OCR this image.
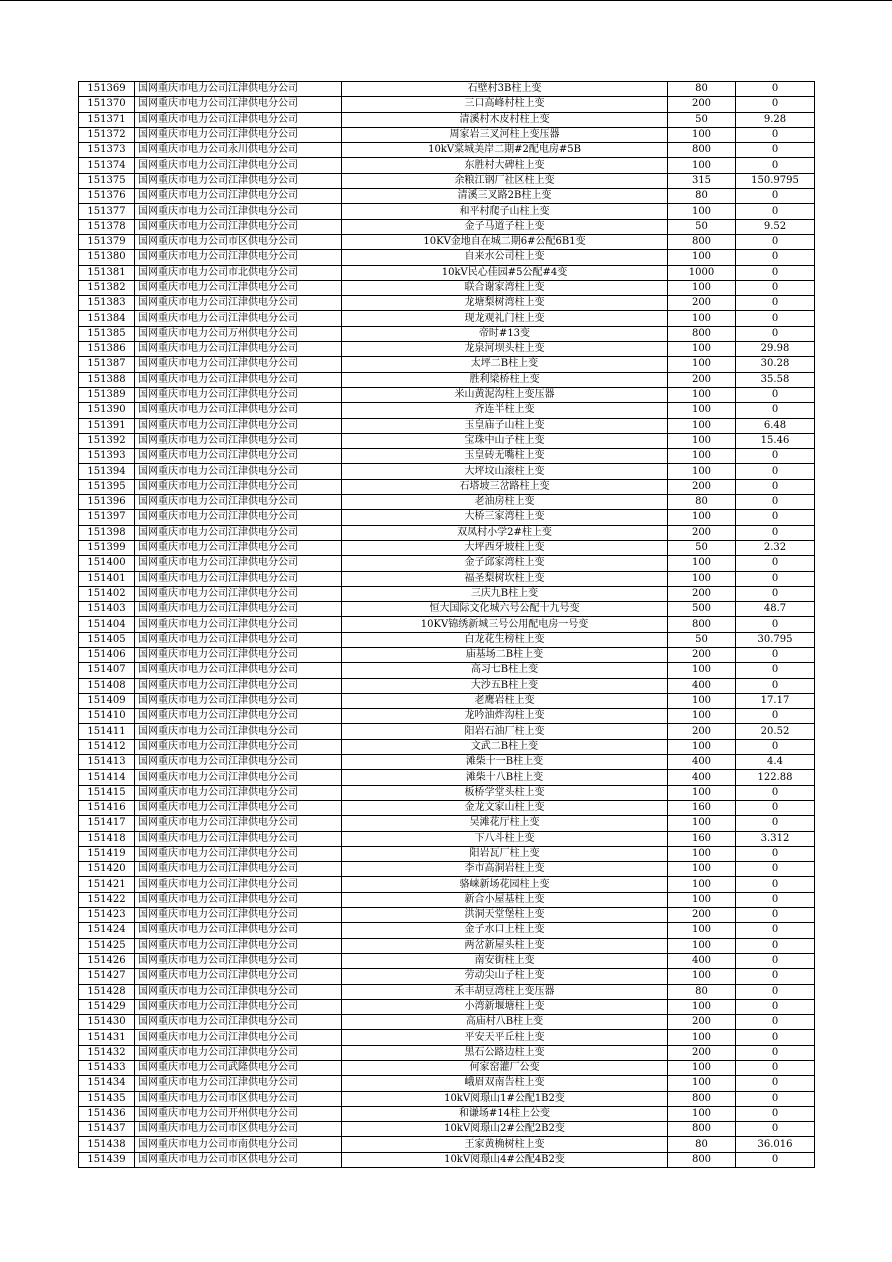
151369	国网重庆市电力公司江津供电分公司	石壁村3B柱上变	80	0
151370	国网重庆市电力公司江津供电分公司	三口高峰村柱上变	200	0
151371	国网重庆市电力公司江津供电分公司	清溪村木皮村柱上变	50	9.28
151372	国网重庆市电力公司江津供电分公司	周家岩三叉河柱上变压器	100	0
151373	国网重庆市电力公司永川供电分公司	10kV棠城美岸二期#2配电房#5B	800	0
151374	国网重庆市电力公司江津供电分公司	东胜村大碑柱上变	100	0
151375	国网重庆市电力公司江津供电分公司	余粮江钢厂社区柱上变	315	150.9795
151376	国网重庆市电力公司江津供电分公司	清溪三叉路2B柱上变	80	0
151377	国网重庆市电力公司江津供电分公司	和平村爬子山柱上变	100	0
151378	国网重庆市电力公司江津供电分公司	金子马道子柱上变	50	9.52
151379	国网重庆市电力公司市区供电分公司	10KV金地自在城二期6#公配6B1变	800	0
151380	国网重庆市电力公司江津供电分公司	自来水公司柱上变	100	0
151381	国网重庆市电力公司市北供电分公司	10kV民心佳园#5公配#4变	1000	0
151382	国网重庆市电力公司江津供电分公司	联合谢家湾柱上变	100	0
151383	国网重庆市电力公司江津供电分公司	龙塘梨树湾柱上变	200	0
151384	国网重庆市电力公司江津供电分公司	现龙观礼门柱上变	100	0
151385	国网重庆市电力公司万州供电分公司	帝时#13变	800	0
151386	国网重庆市电力公司江津供电分公司	龙泉河坝头柱上变	100	29.98
151387	国网重庆市电力公司江津供电分公司	太坪二B柱上变	100	30.28
151388	国网重庆市电力公司江津供电分公司	胜利梁桥柱上变	200	35.58
151389	国网重庆市电力公司江津供电分公司	米山黄泥沟柱上变压器	100	0
151390	国网重庆市电力公司江津供电分公司	齐连半柱上变	100	0
151391	国网重庆市电力公司江津供电分公司	玉皇庙子山柱上变	100	6.48
151392	国网重庆市电力公司江津供电分公司	宝珠中山子柱上变	100	15.46
151393	国网重庆市电力公司江津供电分公司	玉皇砖无嘴柱上变	100	0
151394	国网重庆市电力公司江津供电分公司	大坪坟山滚柱上变	100	0
151395	国网重庆市电力公司江津供电分公司	石塔坡三岔路柱上变	200	0
151396	国网重庆市电力公司江津供电分公司	老油房柱上变	80	0
151397	国网重庆市电力公司江津供电分公司	大桥三家湾柱上变	100	0
151398	国网重庆市电力公司江津供电分公司	双凤村小学2#柱上变	200	0
151399	国网重庆市电力公司江津供电分公司	大坪西牙坡柱上变	50	2.32
151400	国网重庆市电力公司江津供电分公司	金子邱家湾柱上变	100	0
151401	国网重庆市电力公司江津供电分公司	福圣梨树坎柱上变	100	0
151402	国网重庆市电力公司江津供电分公司	三庆九B柱上变	200	0
151403	国网重庆市电力公司江津供电分公司	恒大国际文化城六号公配十九号变	500	48.7
151404	国网重庆市电力公司江津供电分公司	10KV锦绣新城三号公用配电房一号变	800	0
151405	国网重庆市电力公司江津供电分公司	白龙花生榜柱上变	50	30.795
151406	国网重庆市电力公司江津供电分公司	庙基场二B柱上变	200	0
151407	国网重庆市电力公司江津供电分公司	高习七B柱上变	100	0
151408	国网重庆市电力公司江津供电分公司	大沙五B柱上变	400	0
151409	国网重庆市电力公司江津供电分公司	老鹰岩柱上变	100	17.17
151410	国网重庆市电力公司江津供电分公司	龙吟油炸沟柱上变	100	0
151411	国网重庆市电力公司江津供电分公司	阳岩石油厂柱上变	200	20.52
151412	国网重庆市电力公司江津供电分公司	文武二B柱上变	100	0
151413	国网重庆市电力公司江津供电分公司	滩柴十一B柱上变	400	4.4
151414	国网重庆市电力公司江津供电分公司	滩柴十八B柱上变	400	122.88
151415	国网重庆市电力公司江津供电分公司	板桥学堂头柱上变	100	0
151416	国网重庆市电力公司江津供电分公司	金龙文家山柱上变	160	0
151417	国网重庆市电力公司江津供电分公司	吴滩花厅柱上变	100	0
151418	国网重庆市电力公司江津供电分公司	下八斗柱上变	160	3.312
151419	国网重庆市电力公司江津供电分公司	阳岩瓦厂柱上变	100	0
151420	国网重庆市电力公司江津供电分公司	李市高洞岩柱上变	100	0
151421	国网重庆市电力公司江津供电分公司	骆崃新场花园柱上变	100	0
151422	国网重庆市电力公司江津供电分公司	新合小屋基柱上变	100	0
151423	国网重庆市电力公司江津供电分公司	洪洞天堂堡柱上变	200	0
151424	国网重庆市电力公司江津供电分公司	金子水口上柱上变	100	0
151425	国网重庆市电力公司江津供电分公司	两岔新屋头柱上变	100	0
151426	国网重庆市电力公司江津供电分公司	南安街柱上变	400	0
151427	国网重庆市电力公司江津供电分公司	劳动尖山子柱上变	100	0
151428	国网重庆市电力公司江津供电分公司	禾丰胡豆湾柱上变压器	80	0
151429	国网重庆市电力公司江津供电分公司	小湾新堰塘柱上变	100	0
151430	国网重庆市电力公司江津供电分公司	高庙村八B柱上变	200	0
151431	国网重庆市电力公司江津供电分公司	平安天平丘柱上变	100	0
151432	国网重庆市电力公司江津供电分公司	黑石公路边柱上变	200	0
151433	国网重庆市电力公司武隆供电分公司	何家窑灌厂公变	100	0
151434	国网重庆市电力公司江津供电分公司	峨眉双南告柱上变	100	0
151435	国网重庆市电力公司市区供电分公司	10kV阅璟山1#公配1B2变	800	0
151436	国网重庆市电力公司开州供电分公司	和谦场#14柱上公变	100	0
151437	国网重庆市电力公司市区供电分公司	10kV阅璟山2#公配2B2变	800	0
151438	国网重庆市电力公司市南供电分公司	王家黄桷树柱上变	80	36.016
151439	国网重庆市电力公司市区供电分公司	10kV阅璟山4#公配4B2变	800	0
